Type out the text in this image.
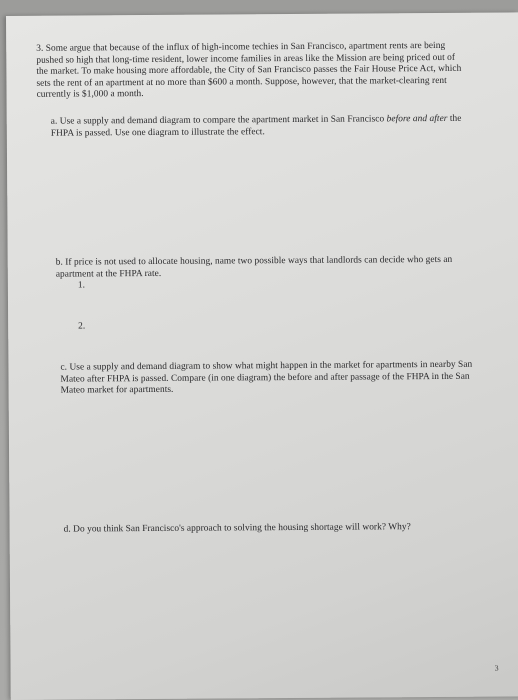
3. Some argue that because of the influx of high-income techies in San Francisco, apartment rents are being pushed so high that long-time resident, lower income families in areas like the Mission are being priced out of the market. To make housing more affordable, the City of San Francisco passes the Fair House Price Act, which sets the rent of an apartment at no more than $600 a month. Suppose, however, that the market-clearing rent currently is $1,000 a month.
a. Use a supply and demand diagram to compare the apartment market in San Francisco before and after the FHPA is passed. Use one diagram to illustrate the effect.
b. If price is not used to allocate housing, name two possible ways that landlords can decide who gets an apartment at the FHPA rate.
1.
2.
c. Use a supply and demand diagram to show what might happen in the market for apartments in nearby San Mateo after FHPA is passed. Compare (in one diagram) the before and after passage of the FHPA in the San Mateo market for apartments.
d. Do you think San Francisco's approach to solving the housing shortage will work? Why?
3
